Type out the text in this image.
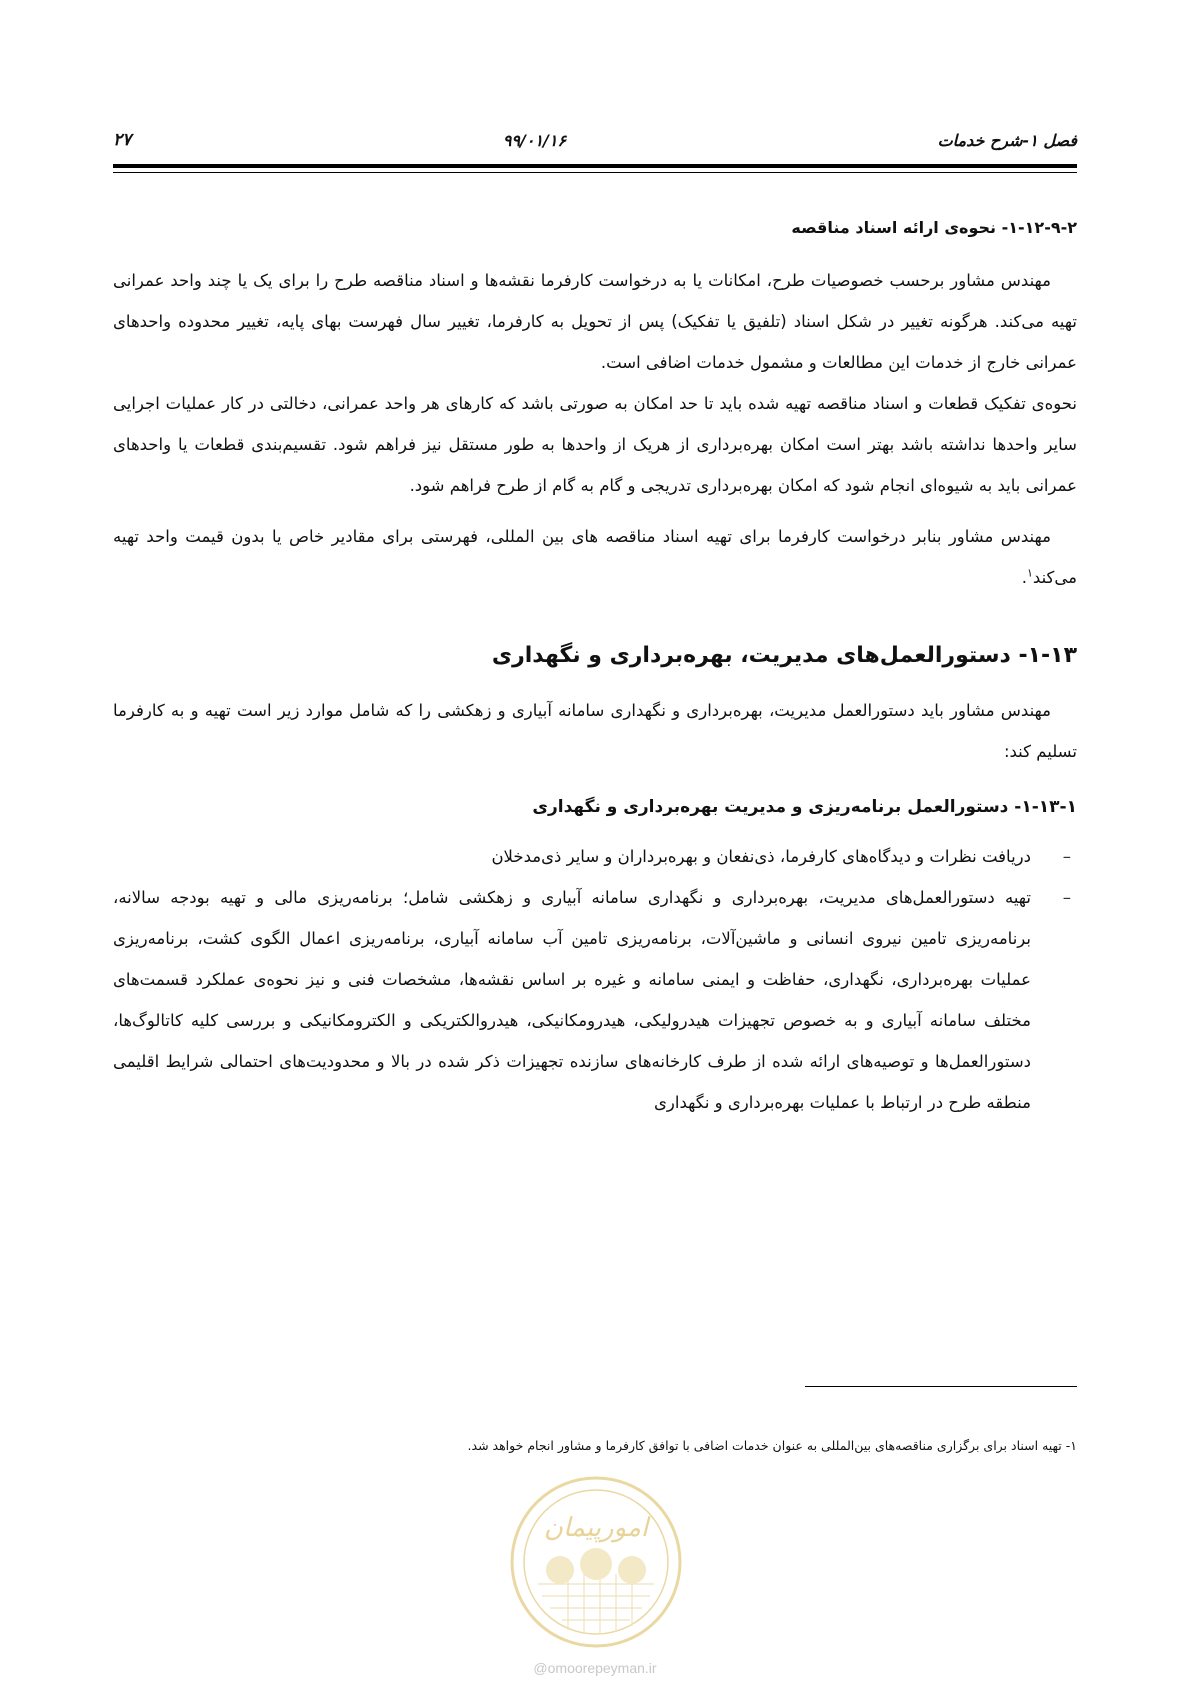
فصل ۱-شرح خدمات
۹۹/۰۱/۱۶
۲۷
۱-۱۲-۹-۲- نحوه‌ی ارائه اسناد مناقصه

مهندس مشاور برحسب خصوصیات طرح، امکانات یا به درخواست کارفرما نقشه‌ها و اسناد مناقصه طرح را برای یک یا چند واحد عمرانی تهیه می‌کند. هرگونه تغییر در شکل اسناد (تلفیق یا تفکیک) پس از تحویل به کارفرما، تغییر سال فهرست بهای پایه، تغییر محدوده واحدهای عمرانی خارج از خدمات این مطالعات و مشمول خدمات اضافی است.

نحوه‌ی تفکیک قطعات و اسناد مناقصه تهیه شده باید تا حد امکان به صورتی باشد که کارهای هر واحد عمرانی، دخالتی در کار عملیات اجرایی سایر واحدها نداشته باشد بهتر است امکان بهره‌برداری از هریک از واحدها به طور مستقل نیز فراهم شود. تقسیم‌بندی قطعات یا واحدهای عمرانی باید به شیوه‌ای انجام شود که امکان بهره‌برداری تدریجی و گام به گام از طرح فراهم شود.

مهندس مشاور بنابر درخواست کارفرما برای تهیه اسناد مناقصه های بین المللی، فهرستی برای مقادیر خاص یا بدون قیمت واحد تهیه می‌کند$^۱$.

۱-۱۳- دستورالعمل‌های مدیریت، بهره‌برداری و نگهداری

مهندس مشاور باید دستورالعمل مدیریت، بهره‌برداری و نگهداری سامانه آبیاری و زهکشی را که شامل موارد زیر است تهیه و به کارفرما تسلیم کند:

۱-۱۳-۱- دستورالعمل برنامه‌ریزی و مدیریت بهره‌برداری و نگهداری
– دریافت نظرات و دیدگاه‌های کارفرما، ذی‌نفعان و بهره‌برداران و سایر ذی‌مدخلان
– تهیه دستورالعمل‌های مدیریت، بهره‌برداری و نگهداری سامانه آبیاری و زهکشی شامل؛ برنامه‌ریزی مالی و تهیه بودجه سالانه، برنامه‌ریزی تامین نیروی انسانی و ماشین‌آلات، برنامه‌ریزی تامین آب سامانه آبیاری، برنامه‌ریزی اعمال الگوی کشت، برنامه‌ریزی عملیات بهره‌برداری، نگهداری، حفاظت و ایمنی سامانه و غیره بر اساس نقشه‌ها، مشخصات فنی و نیز نحوه‌ی عملکرد قسمت‌های مختلف سامانه آبیاری و به خصوص تجهیزات هیدرولیکی، هیدرومکانیکی، هیدروالکتریکی و الکترومکانیکی و بررسی کلیه کاتالوگ‌ها، دستورالعمل‌ها و توصیه‌های ارائه شده از طرف کارخانه‌های سازنده تجهیزات ذکر شده در بالا و محدودیت‌های احتمالی شرایط اقلیمی منطقه طرح در ارتباط با عملیات بهره‌برداری و نگهداری
۱- تهیه اسناد برای برگزاری مناقصه‌های بین‌المللی به عنوان خدمات اضافی با توافق کارفرما و مشاور انجام خواهد شد.
امورپیمان
@omoorepeyman.ir
